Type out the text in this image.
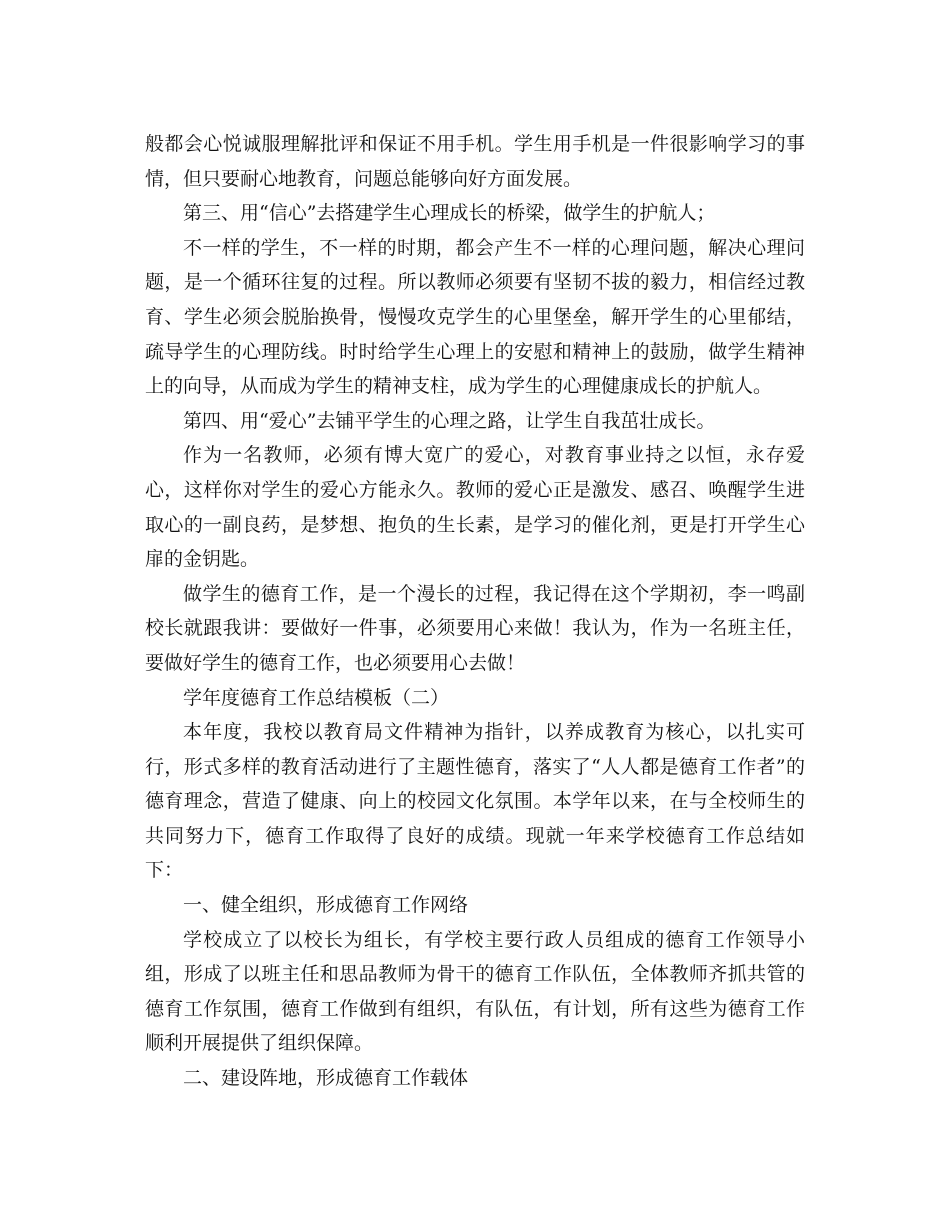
般都会心悦诚服理解批评和保证不用手机。学生用手机是一件很影响学习的事情，但只要耐心地教育，问题总能够向好方面发展。

第三、用“信心”去搭建学生心理成长的桥梁，做学生的护航人；

不一样的学生，不一样的时期，都会产生不一样的心理问题，解决心理问题，是一个循环往复的过程。所以教师必须要有坚韧不拔的毅力，相信经过教育、学生必须会脱胎换骨，慢慢攻克学生的心里堡垒，解开学生的心里郁结，疏导学生的心理防线。时时给学生心理上的安慰和精神上的鼓励，做学生精神上的向导，从而成为学生的精神支柱，成为学生的心理健康成长的护航人。

第四、用“爱心”去铺平学生的心理之路，让学生自我茁壮成长。

作为一名教师，必须有博大宽广的爱心，对教育事业持之以恒，永存爱心，这样你对学生的爱心方能永久。教师的爱心正是激发、感召、唤醒学生进取心的一副良药，是梦想、抱负的生长素，是学习的催化剂，更是打开学生心扉的金钥匙。

做学生的德育工作，是一个漫长的过程，我记得在这个学期初，李一鸣副校长就跟我讲：要做好一件事，必须要用心来做！我认为，作为一名班主任，要做好学生的德育工作，也必须要用心去做！

学年度德育工作总结模板（二）

本年度，我校以教育局文件精神为指针，以养成教育为核心，以扎实可行，形式多样的教育活动进行了主题性德育，落实了“人人都是德育工作者”的德育理念，营造了健康、向上的校园文化氛围。本学年以来，在与全校师生的共同努力下，德育工作取得了良好的成绩。现就一年来学校德育工作总结如下：

一、健全组织，形成德育工作网络

学校成立了以校长为组长，有学校主要行政人员组成的德育工作领导小组，形成了以班主任和思品教师为骨干的德育工作队伍，全体教师齐抓共管的德育工作氛围，德育工作做到有组织，有队伍，有计划，所有这些为德育工作顺利开展提供了组织保障。

二、建设阵地，形成德育工作载体
